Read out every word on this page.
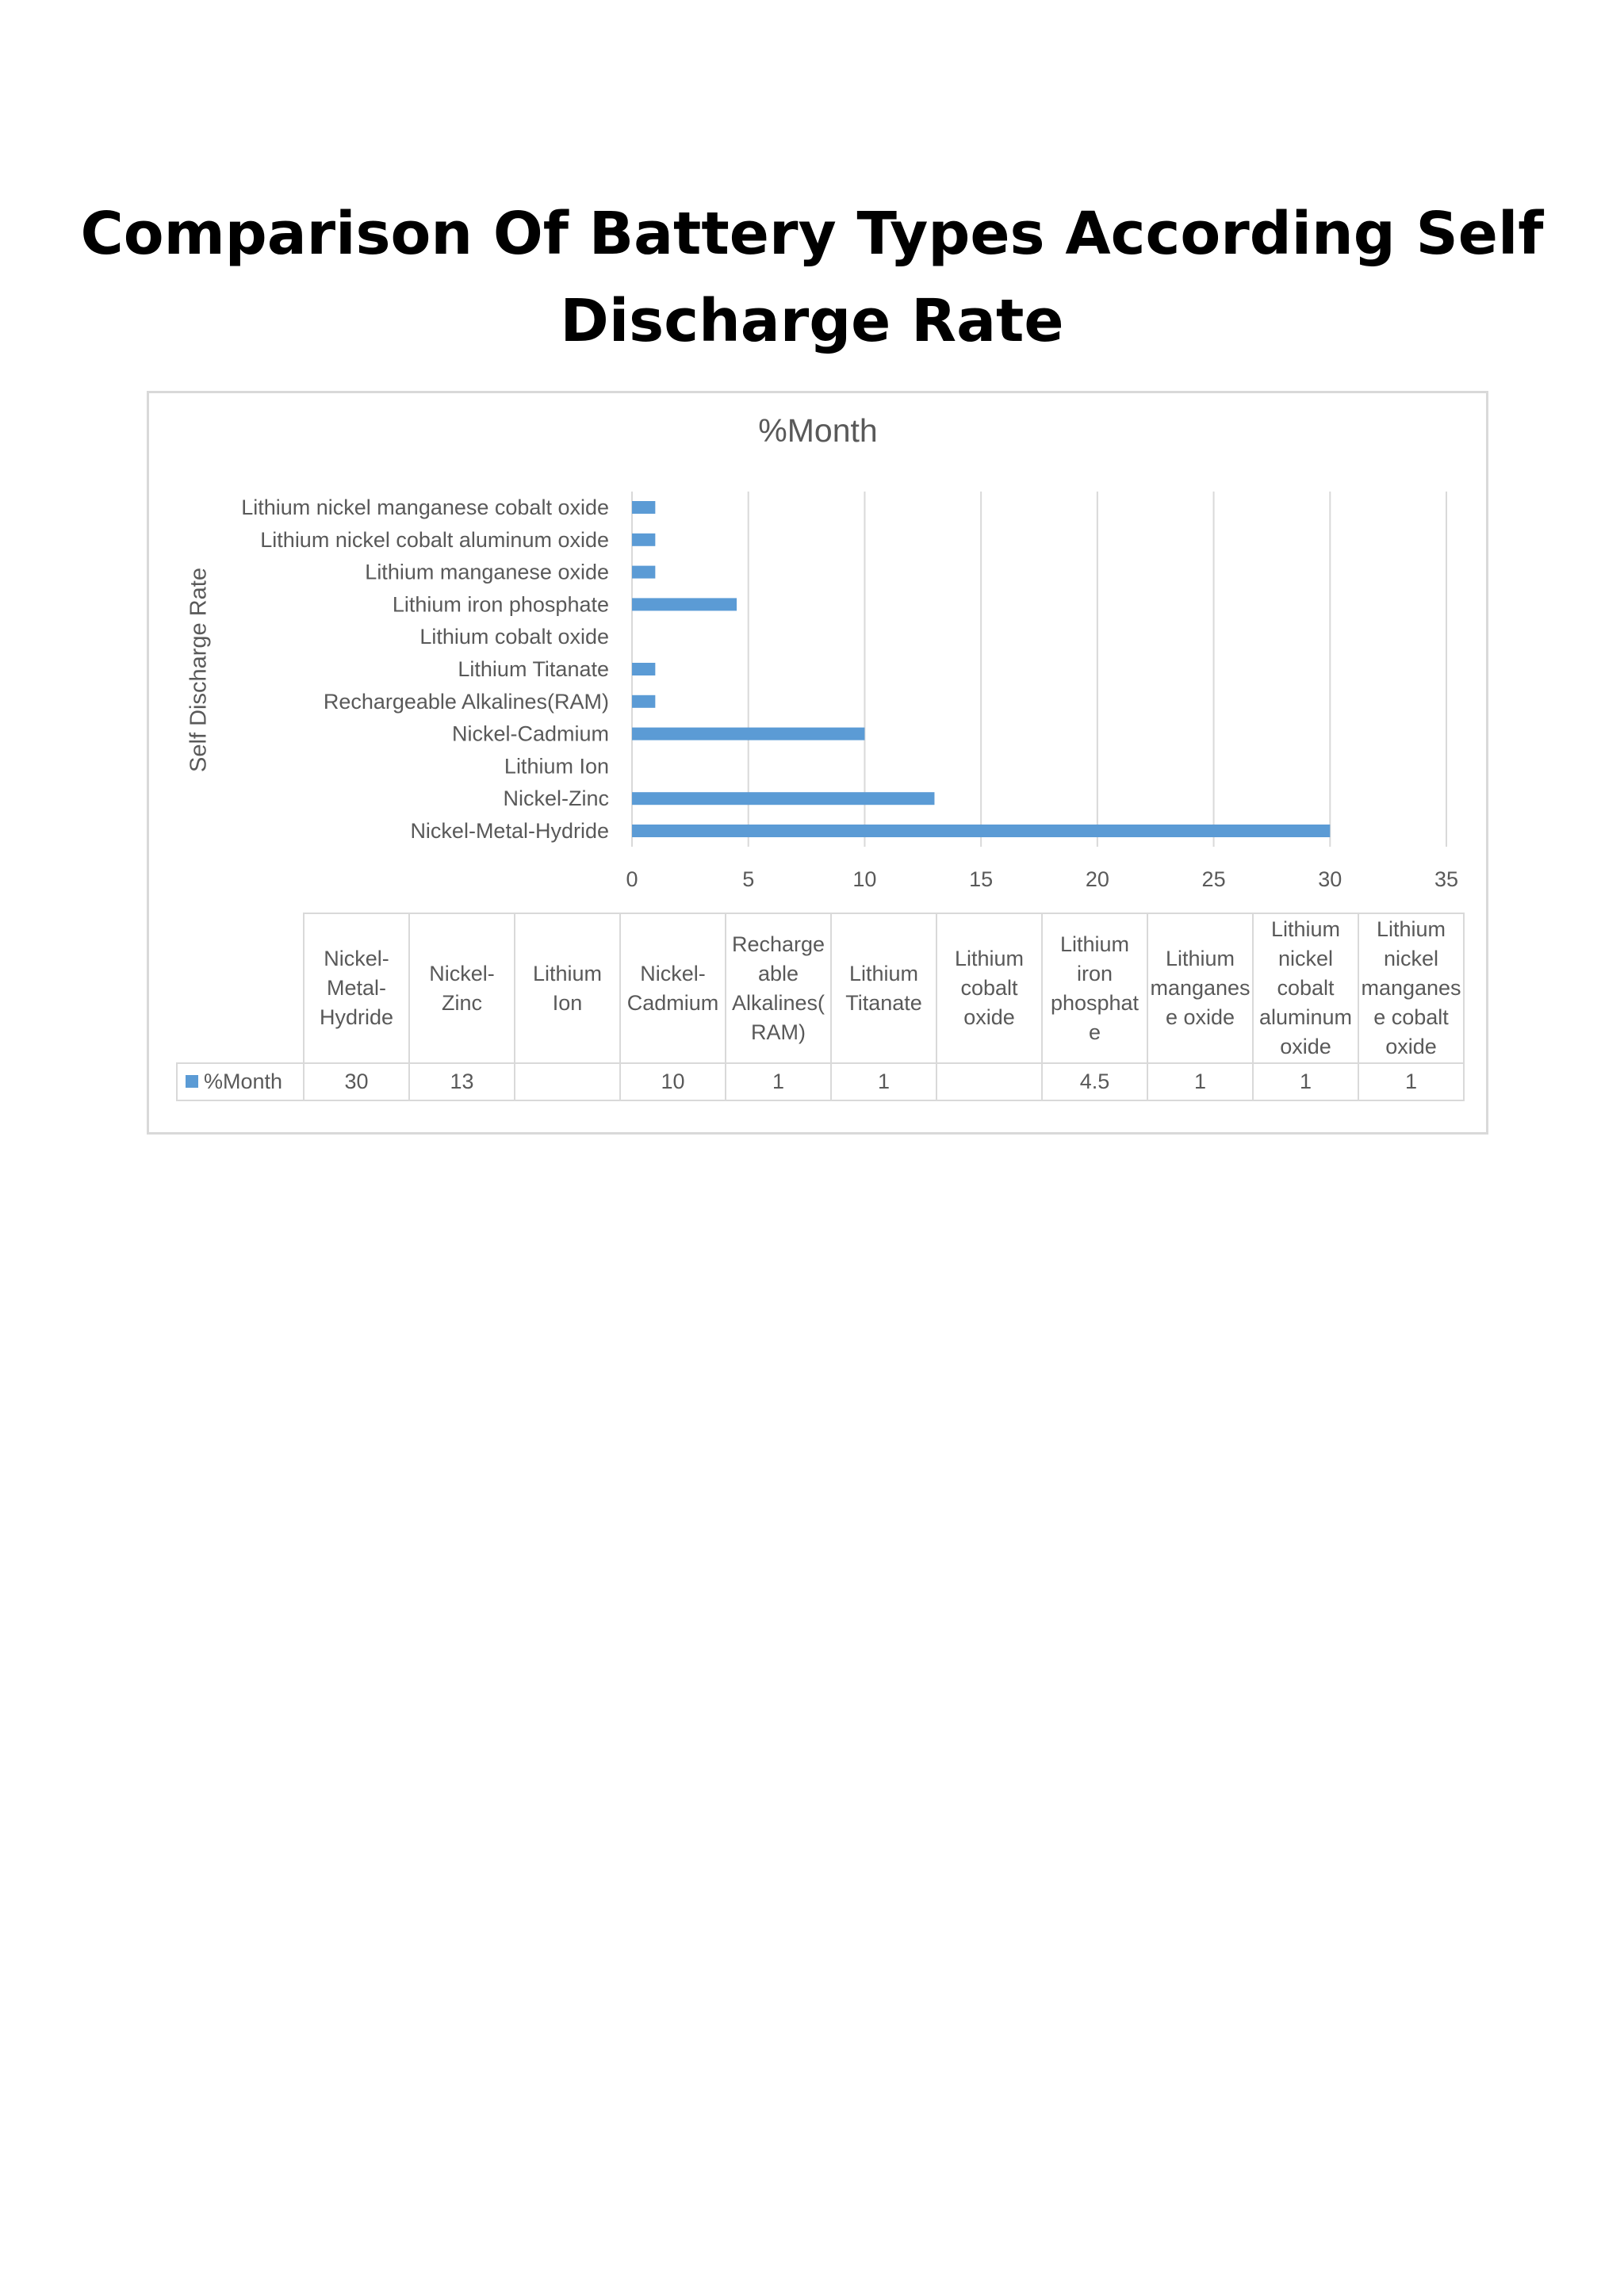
Comparison Of Battery Types According Self
Discharge Rate
%Month
Self Discharge Rate
Nickel-Metal-Hydride
Nickel-Zinc
Lithium Ion
Nickel-Cadmium
Rechargeable Alkalines(RAM)
Lithium Titanate
Lithium cobalt oxide
Lithium iron phosphate
Lithium manganese oxide
Lithium nickel cobalt aluminum oxide
Lithium nickel manganese cobalt oxide
0	5	10	15	20	25	30	35
	Nickel-
Metal-
Hydride	Nickel-
Zinc	Lithium
Ion	Nickel-
Cadmium	Recharge
able
Alkalines(
RAM)	Lithium
Titanate	Lithium
cobalt
oxide	Lithium
iron
phosphat
e	Lithium
manganes
e oxide	Lithium
nickel
cobalt
aluminum
oxide	Lithium
nickel
manganes
e cobalt
oxide
%Month	30	13		10	1	1		4.5	1	1	1
